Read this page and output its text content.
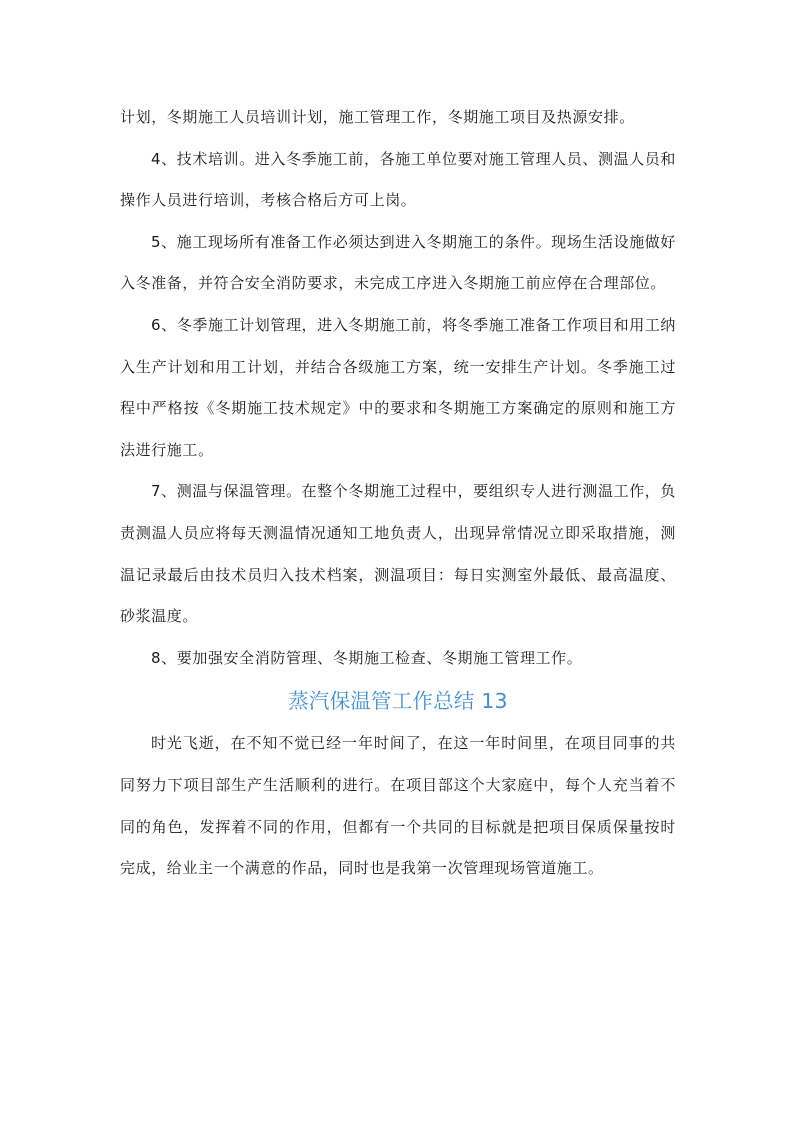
计划，冬期施工人员培训计划，施工管理工作，冬期施工项目及热源安排。

4、技术培训。进入冬季施工前，各施工单位要对施工管理人员、测温人员和操作人员进行培训，考核合格后方可上岗。

5、施工现场所有准备工作必须达到进入冬期施工的条件。现场生活设施做好入冬准备，并符合安全消防要求，未完成工序进入冬期施工前应停在合理部位。

6、冬季施工计划管理，进入冬期施工前，将冬季施工准备工作项目和用工纳入生产计划和用工计划，并结合各级施工方案，统一安排生产计划。冬季施工过程中严格按《冬期施工技术规定》中的要求和冬期施工方案确定的原则和施工方法进行施工。

7、测温与保温管理。在整个冬期施工过程中，要组织专人进行测温工作，负责测温人员应将每天测温情况通知工地负责人，出现异常情况立即采取措施，测温记录最后由技术员归入技术档案，测温项目：每日实测室外最低、最高温度、砂浆温度。

8、要加强安全消防管理、冬期施工检查、冬期施工管理工作。

蒸汽保温管工作总结 13

时光飞逝，在不知不觉已经一年时间了，在这一年时间里，在项目同事的共同努力下项目部生产生活顺利的进行。在项目部这个大家庭中，每个人充当着不同的角色，发挥着不同的作用，但都有一个共同的目标就是把项目保质保量按时完成，给业主一个满意的作品，同时也是我第一次管理现场管道施工。
